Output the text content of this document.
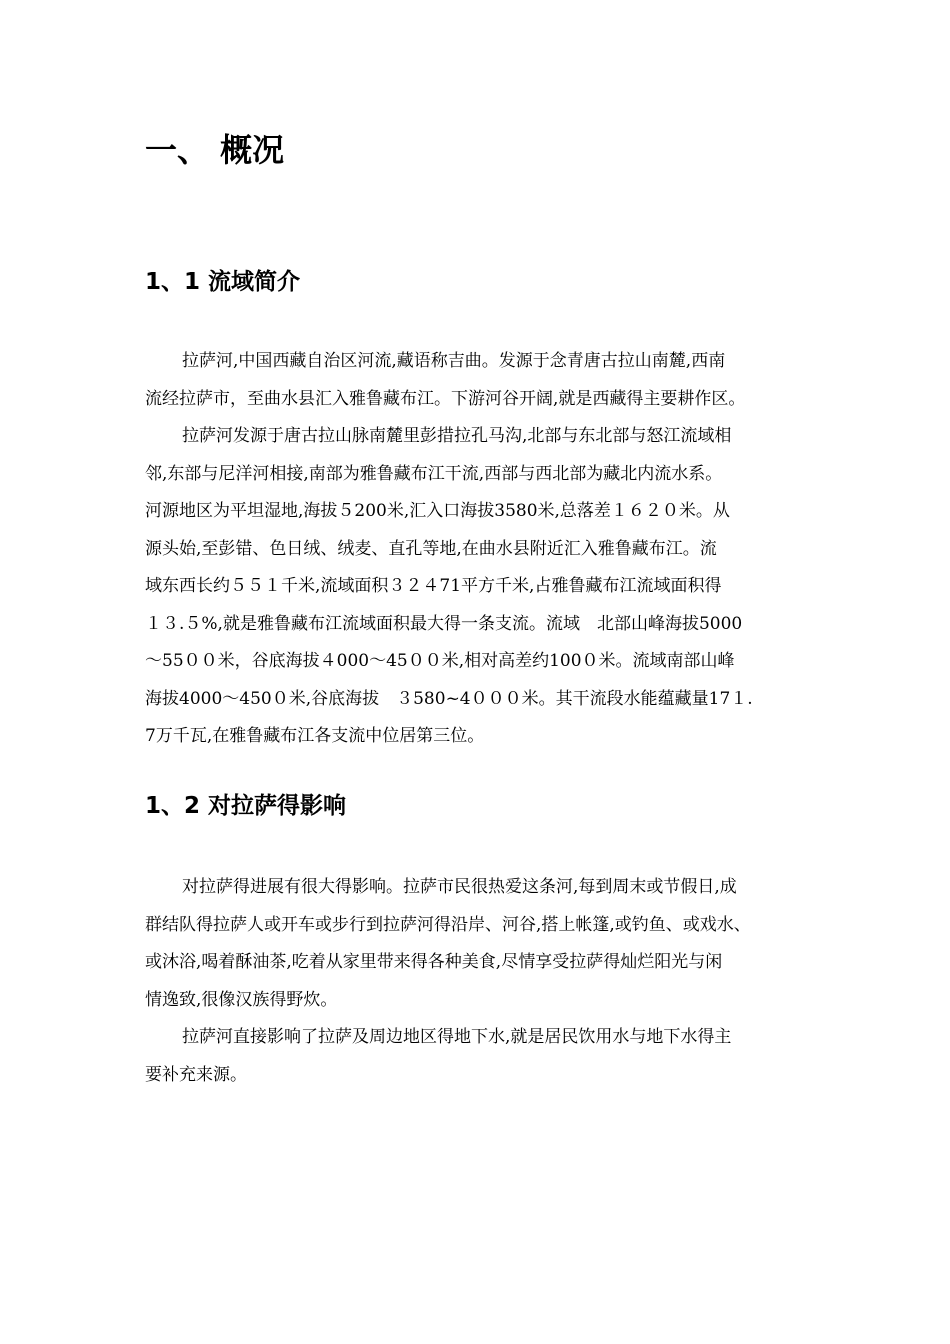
一、 概况
1、1 流域简介
拉萨河,中国西藏自治区河流,藏语称吉曲。发源于念青唐古拉山南麓,西南
流经拉萨市，至曲水县汇入雅鲁藏布江。下游河谷开阔,就是西藏得主要耕作区。
拉萨河发源于唐古拉山脉南麓里彭措拉孔马沟,北部与东北部与怒江流域相
邻,东部与尼洋河相接,南部为雅鲁藏布江干流,西部与西北部为藏北内流水系。
河源地区为平坦湿地,海拔５200米,汇入口海拔3580米,总落差１６２０米。从
源头始,至彭错、色日绒、绒麦、直孔等地,在曲水县附近汇入雅鲁藏布江。流
域东西长约５５１千米,流域面积３２４71平方千米,占雅鲁藏布江流域面积得
１３.５%,就是雅鲁藏布江流域面积最大得一条支流。流域　北部山峰海拔5000
～55００米，谷底海拔４000～45００米,相对高差约100０米。流域南部山峰
海拔4000～450０米,谷底海拔　３580~4０００米。其干流段水能蕴藏量17１.
7万千瓦,在雅鲁藏布江各支流中位居第三位。
1、2 对拉萨得影响
对拉萨得进展有很大得影响。拉萨市民很热爱这条河,每到周末或节假日,成
群结队得拉萨人或开车或步行到拉萨河得沿岸、河谷,搭上帐篷,或钓鱼、或戏水、
或沐浴,喝着酥油茶,吃着从家里带来得各种美食,尽情享受拉萨得灿烂阳光与闲
情逸致,很像汉族得野炊。
拉萨河直接影响了拉萨及周边地区得地下水,就是居民饮用水与地下水得主
要补充来源。
